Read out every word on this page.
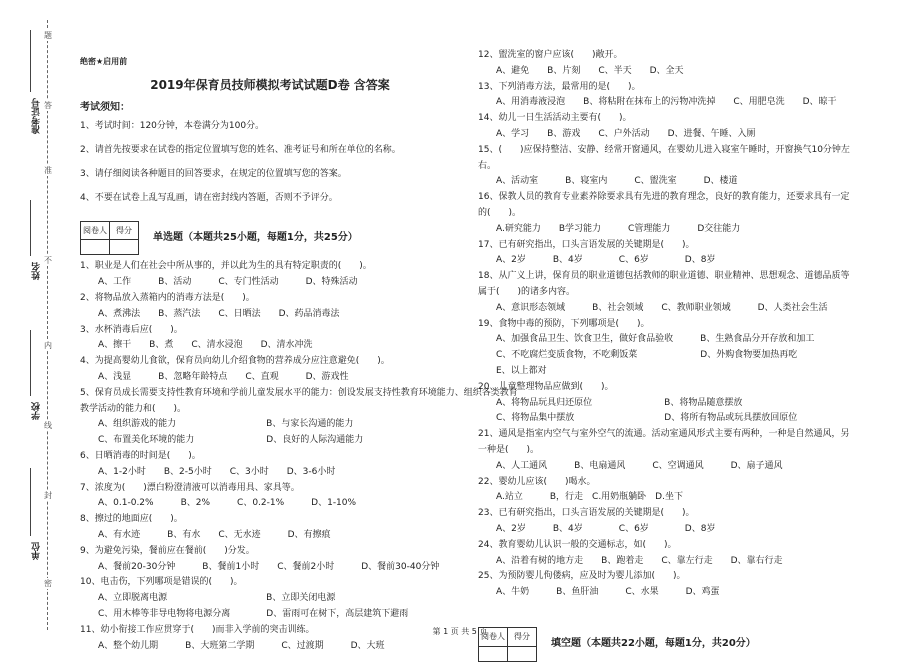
准考证号
姓名
学校
单位
题
答
准
不
内
线
封
密

绝密★启用前

2019年保育员技师模拟考试试题D卷 含答案

考试须知：

1、考试时间：120分钟，本卷满分为100分。

2、请首先按要求在试卷的指定位置填写您的姓名、准考证号和所在单位的名称。

3、请仔细阅读各种题目的回答要求，在规定的位置填写您的答案。

4、不要在试卷上乱写乱画，请在密封线内答题，否则不予评分。

阅卷人	得分

单选题（本题共25小题，每题1分，共25分）

1、职业是人们在社会中所从事的，并以此为生的具有特定职责的(　　)。

A、工作　　　B、活动　　　C、专门性活动　　　D、特殊活动

2、将物品放入蒸箱内的消毒方法是(　　)。

A、煮沸法　　B、蒸汽法　　C、日晒法　　D、药品消毒法

3、水杯消毒后应(　　)。

A、擦干　　B、煮　　C、清水浸泡　　D、清水冲洗

4、为提高婴幼儿食欲，保育员向幼儿介绍食物的营养成分应注意避免(　　)。

A、浅显　　　B、忽略年龄特点　　C、直观　　　D、游戏性

5、保育员成长需要支持性教育环境和学前儿童发展水平的能力：创设发展支持性教育环境能力、组织各类教育

教学活动的能力和(　　)。

A、组织游戏的能力　　　　　　　　　　B、与家长沟通的能力

C、布置美化环境的能力　　　　　　　　D、良好的人际沟通能力

6、日晒消毒的时间是(　　)。

A、1-2小时　　B、2-5小时　　C、3小时　　D、3-6小时

7、浓度为(　　)漂白粉澄清液可以消毒用具、家具等。

A、0.1-0.2%　　　B、2%　　　C、0.2-1%　　　D、1-10%

8、擦过的地面应(　　)。

A、有水迹　　　B、有水　　C、无水迹　　　D、有擦痕

9、为避免污染，餐前应在餐前(　　)分发。

A、餐前20-30分钟　　　B、餐前1小时　　C、餐前2小时　　　D、餐前30-40分钟

10、电击伤，下列哪项是错误的(　　)。

A、立即脱离电源　　　　　　　　　　　B、立即关闭电源

C、用木棒等非导电物将电源分离　　　　D、雷雨可在树下，高层建筑下避雨

11、幼小衔接工作应贯穿于(　　)而非入学前的突击训练。

A、整个幼儿期　　　B、大班第二学期　　　C、过渡期　　　D、大班

12、盥洗室的窗户应该(　　)敞开。

A、避免　　B、片刻　　C、半天　　D、全天

13、下列消毒方法，最常用的是(　　)。

A、用消毒液浸泡　　B、将粘附在抹布上的污物冲洗掉　　C、用肥皂洗　　D、晾干

14、幼儿一日生活活动主要有(　　)。

A、学习　　B、游戏　　C、户外活动　　D、进餐、午睡、入厕

15、(　　)应保持整洁、安静、经常开窗通风，在婴幼儿进入寝室午睡时，开窗换气10分钟左

右。

A、活动室　　　B、寝室内　　　C、盥洗室　　　D、楼道

16、保教人员的教育专业素养除要求具有先进的教育理念，良好的教育能力，还要求具有一定

的(　　)。

A.研究能力　　B学习能力　　　C管理能力　　　D交往能力

17、已有研究指出，口头言语发展的关键期是(　　)。

A、2岁　　　B、4岁　　　　C、6岁　　　　D、8岁

18、从广义上讲，保育员的职业道德包括教师的职业道德、职业精神、思想观念、道德品质等

属于(　　)的诸多内容。

A、意识形态领域　　　B、社会领域　　C、教师职业领域　　　D、人类社会生活

19、食物中毒的预防，下列哪项是(　　)。

A、加强食品卫生、饮食卫生，做好食品验收　　　B、生熟食品分开存放和加工

C、不吃腐烂变质食物，不吃剩饭菜　　　　　　　D、外购食物要加热再吃

E、以上都对

20、儿童整理物品应做到(　　)。

A、将物品玩具归还原位　　　　　　　　B、将物品随意摆放

C、将物品集中摆放　　　　　　　　　　D、将所有物品或玩具摆放回原位

21、通风是指室内空气与室外空气的流通。活动室通风形式主要有两种，一种是自然通风，另

一种是(　　)。

A、人工通风　　　B、电扇通风　　　C、空调通风　　　D、扇子通风

22、婴幼儿应该(　　)喝水。

A.站立　　　B，行走　C.用奶瓶躺卧　D.坐下

23、已有研究指出，口头言语发展的关键期是(　　)。

A、2岁　　　B、4岁　　　　C、6岁　　　　D、8岁

24、教育婴幼儿认识一般的交通标志，如(　　)。

A、沿着有树的地方走　　B、跑着走　　C、靠左行走　　D、靠右行走

25、为预防婴儿佝偻病，应及时为婴儿添加(　　)。

A、牛奶　　　B、鱼肝油　　　C、水果　　　D、鸡蛋

阅卷人	得分

填空题（本题共22小题，每题1分，共20分）
第 1 页 共 5 页
